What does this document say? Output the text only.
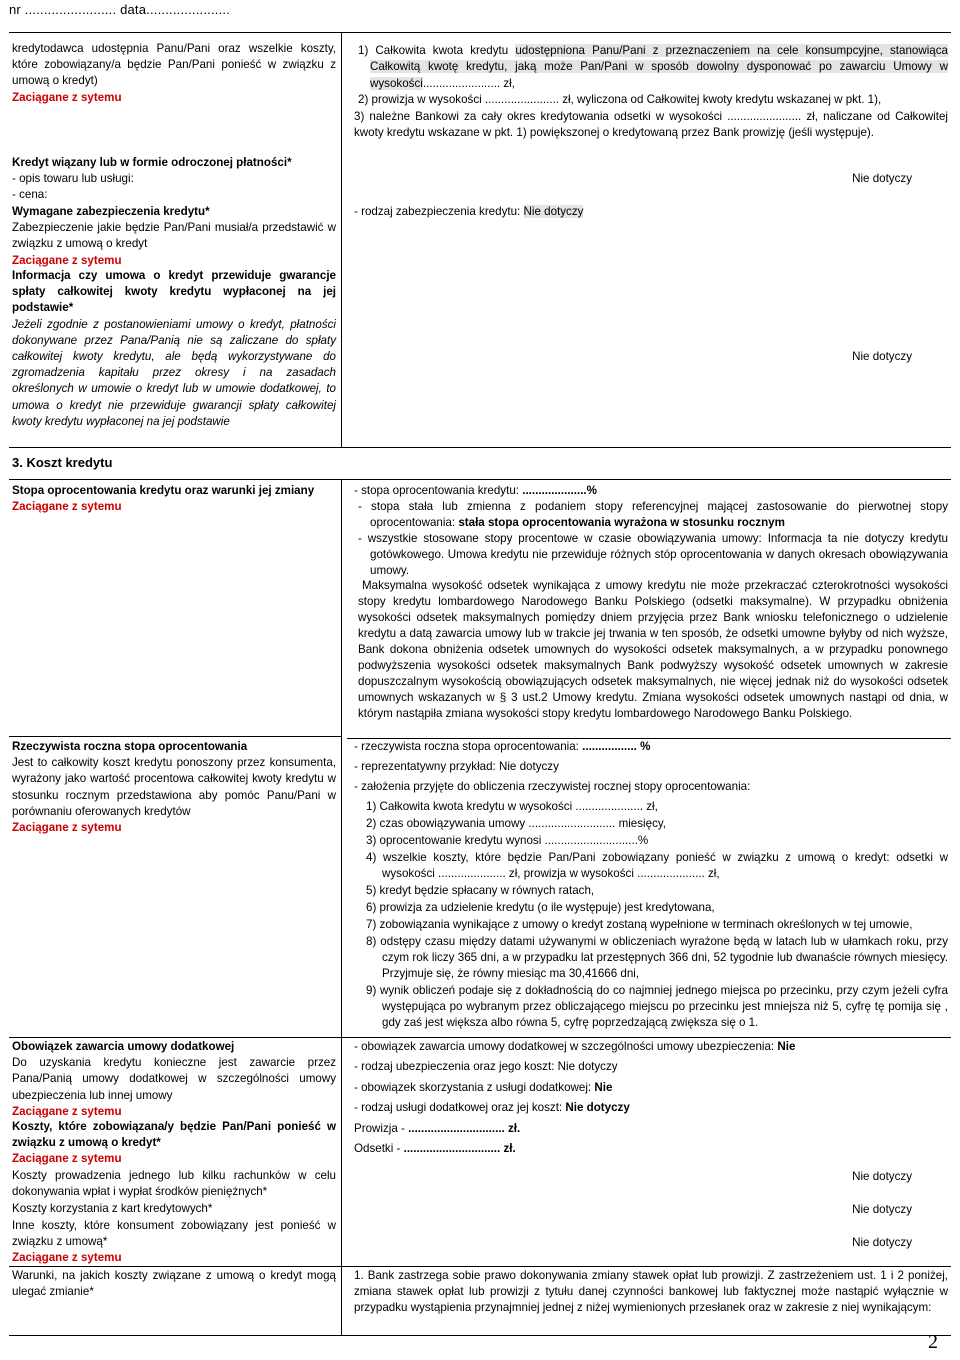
nr ........................ data......................
kredytodawca udostępnia Panu/Pani oraz wszelkie koszty, które zobowiązany/a będzie Pan/Pani ponieść w związku z umową o kredyt)
Zaciągane z sytemu
1) Całkowita kwota kredytu udostępniona Panu/Pani z przeznaczeniem na cele konsumpcyjne, stanowiąca Całkowitą kwotę kredytu, jaką może Pan/Pani w sposób dowolny dysponować po zawarciu Umowy w wysokości........................ zł,
2) prowizja w wysokości ....................... zł, wyliczona od Całkowitej kwoty kredytu wskazanej w pkt. 1),
3) należne Bankowi za cały okres kredytowania odsetki w wysokości ....................... zł, naliczane od Całkowitej kwoty kredytu wskazane w pkt. 1) powiększonej o kredytowaną przez Bank prowizję (jeśli występuje).
Kredyt wiązany lub w formie odroczonej płatności*
- opis towaru lub usługi:
- cena:
Nie dotyczy
Wymagane zabezpieczenia kredytu*
Zabezpieczenie jakie będzie Pan/Pani musiał/a przedstawić w związku z umową o kredyt
Zaciągane z sytemu
- rodzaj zabezpieczenia kredytu: Nie dotyczy
Informacja czy umowa o kredyt przewiduje gwarancje spłaty całkowitej kwoty kredytu wypłaconej na jej podstawie*
Jeżeli zgodnie z postanowieniami umowy o kredyt, płatności dokonywane przez Pana/Panią nie są zaliczane do spłaty całkowitej kwoty kredytu, ale będą wykorzystywane do zgromadzenia kapitału przez okresy i na zasadach określonych w umowie o kredyt lub w umowie dodatkowej, to umowa o kredyt nie przewiduje gwarancji spłaty całkowitej kwoty kredytu wypłaconej na jej podstawie
Nie dotyczy
3. Koszt kredytu
Stopa oprocentowania kredytu oraz warunki jej zmiany
Zaciągane z sytemu
- stopa oprocentowania kredytu: ....................%
- stopa stała lub zmienna z podaniem stopy referencyjnej mającej zastosowanie do pierwotnej stopy oprocentowania: stała stopa oprocentowania wyrażona w stosunku rocznym
- wszystkie stosowane stopy procentowe w czasie obowiązywania umowy: Informacja ta nie dotyczy kredytu gotówkowego. Umowa kredytu nie przewiduje różnych stóp oprocentowania w danych okresach obowiązywania umowy.
Maksymalna wysokość odsetek wynikająca z umowy kredytu nie może przekraczać czterokrotności wysokości stopy kredytu lombardowego Narodowego Banku Polskiego (odsetki maksymalne). W przypadku obniżenia wysokości odsetek maksymalnych pomiędzy dniem przyjęcia przez Bank wniosku telefonicznego o udzielenie kredytu a datą zawarcia umowy lub w trakcie jej trwania w ten sposób, że odsetki umowne byłyby od nich wyższe, Bank dokona obniżenia odsetek umownych do wysokości odsetek maksymalnych, a w przypadku ponownego podwyższenia wysokości odsetek maksymalnych Bank podwyższy wysokość odsetek umownych w zakresie dopuszczalnym wysokością obowiązujących odsetek maksymalnych, nie więcej jednak niż do wysokości odsetek umownych wskazanych w § 3 ust.2 Umowy kredytu. Zmiana wysokości odsetek umownych nastąpi od dnia, w którym nastąpiła zmiana wysokości stopy kredytu lombardowego Narodowego Banku Polskiego.
Rzeczywista roczna stopa oprocentowania
Jest to całkowity koszt kredytu ponoszony przez konsumenta, wyrażony jako wartość procentowa całkowitej kwoty kredytu w stosunku rocznym przedstawiona aby pomóc Panu/Pani w porównaniu oferowanych kredytów
Zaciągane z sytemu
- rzeczywista roczna stopa oprocentowania: ................. %
- reprezentatywny przykład: Nie dotyczy
- założenia przyjęte do obliczenia rzeczywistej rocznej stopy oprocentowania:
1) Całkowita kwota kredytu w wysokości ..................... zł,
2) czas obowiązywania umowy ........................... miesięcy,
3) oprocentowanie kredytu wynosi .............................%
4) wszelkie koszty, które będzie Pan/Pani zobowiązany ponieść w związku z umową o kredyt: odsetki w wysokości ..................... zł, prowizja w wysokości ..................... zł,
5) kredyt będzie spłacany w równych ratach,
6) prowizja za udzielenie kredytu (o ile występuje) jest kredytowana,
7) zobowiązania wynikające z umowy o kredyt zostaną wypełnione w terminach określonych w tej umowie,
8) odstępy czasu między datami używanymi w obliczeniach wyrażone będą w latach lub w ułamkach roku, przy czym rok liczy 365 dni, a w przypadku lat przestępnych 366 dni, 52 tygodnie lub dwanaście równych miesięcy. Przyjmuje się, że równy miesiąc ma 30,41666 dni,
9) wynik obliczeń podaje się z dokładnością do co najmniej jednego miejsca po przecinku, przy czym jeżeli cyfra występująca po wybranym przez obliczającego miejscu po przecinku jest mniejsza niż 5, cyfrę tę pomija się , gdy zaś jest większa albo równa 5, cyfrę poprzedzającą zwiększa się o 1.
Obowiązek zawarcia umowy dodatkowej
Do uzyskania kredytu konieczne jest zawarcie przez Pana/Panią umowy dodatkowej w szczególności umowy ubezpieczenia lub innej umowy
Zaciągane z sytemu
- obowiązek zawarcia umowy dodatkowej w szczególności umowy ubezpieczenia: Nie
- rodzaj ubezpieczenia oraz jego koszt: Nie dotyczy
- obowiązek skorzystania z usługi dodatkowej: Nie
- rodzaj usługi dodatkowej oraz jej koszt: Nie dotyczy
Koszty, które zobowiązana/y będzie Pan/Pani ponieść w związku z umową o kredyt*
Zaciągane z sytemu
Prowizja - .............................. zł.
Odsetki - .............................. zł.
Koszty prowadzenia jednego lub kilku rachunków w celu dokonywania wpłat i wypłat środków pieniężnych*
Nie dotyczy
Koszty korzystania z kart kredytowych*	Nie dotyczy
Inne koszty, które konsument zobowiązany jest ponieść w związku z umową*
Zaciągane z sytemu
Nie dotyczy
Warunki, na jakich koszty związane z umową o kredyt mogą ulegać zmianie*
1. Bank zastrzega sobie prawo dokonywania zmiany stawek opłat lub prowizji. Z zastrzeżeniem ust. 1 i 2 poniżej, zmiana stawek opłat lub prowizji z tytułu danej czynności bankowej lub faktycznej może nastąpić wyłącznie w przypadku wystąpienia przynajmniej jednej z niżej wymienionych przesłanek oraz w zakresie z niej wynikającym:
2
